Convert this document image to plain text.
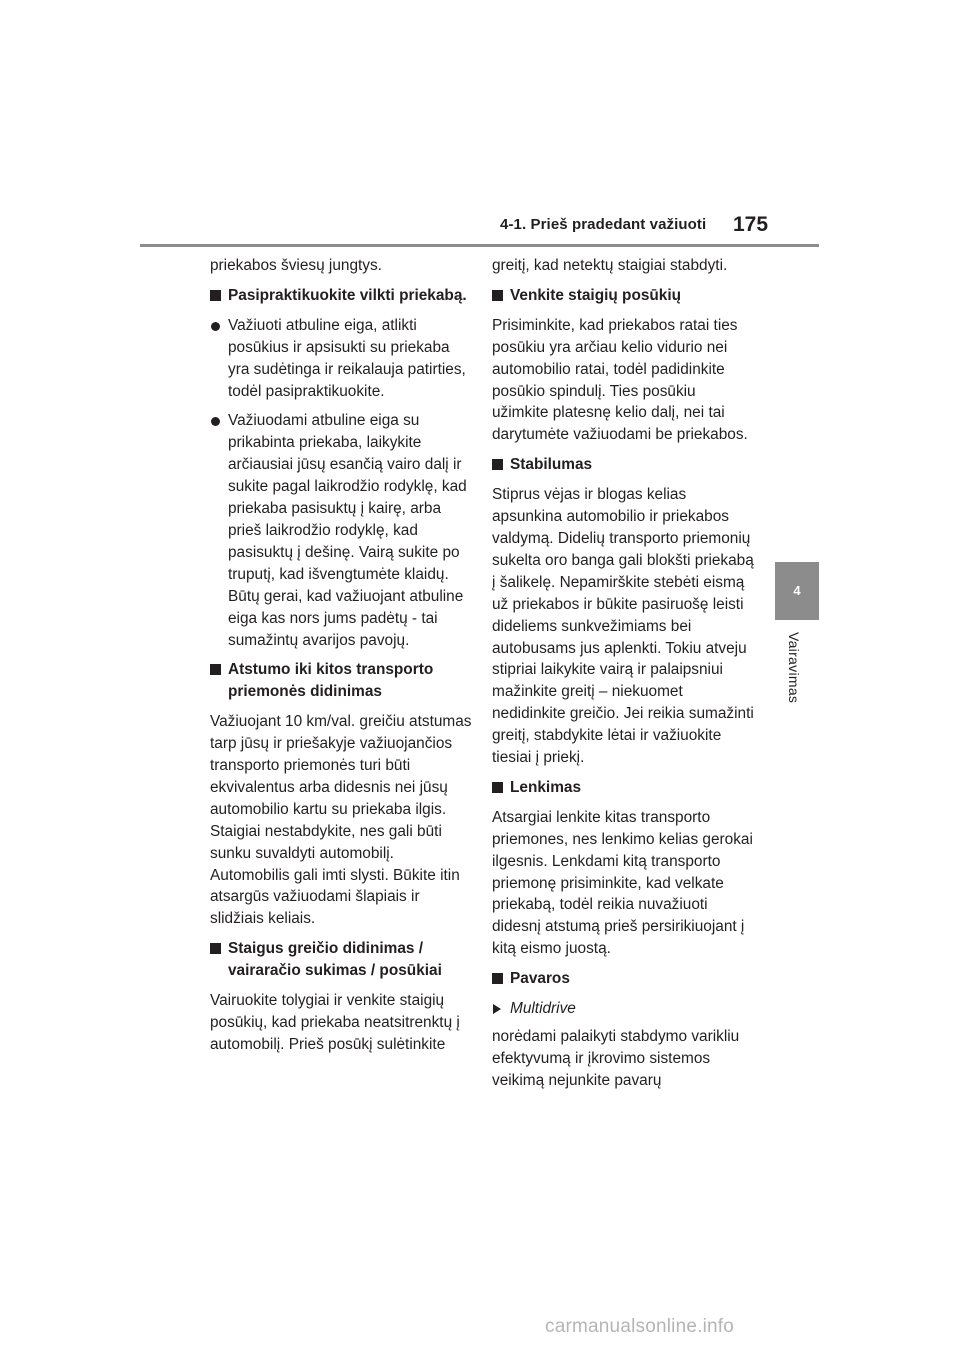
4-1. Prieš pradedant važiuoti 175
4
Vairavimas

priekabos šviesų jungtys.

Pasipraktikuokite vilkti priekabą.
Važiuoti atbuline eiga, atlikti posūkius ir apsisukti su priekaba yra sudėtinga ir reikalauja patirties, todėl pasipraktikuokite.
Važiuodami atbuline eiga su prikabinta priekaba, laikykite arčiausiai jūsų esančią vairo dalį ir sukite pagal laikrodžio rodyklę, kad priekaba pasisuktų į kairę, arba prieš laikrodžio rodyklę, kad pasisuktų į dešinę. Vairą sukite po truputį, kad išvengtumėte klaidų. Būtų gerai, kad važiuojant atbuline eiga kas nors jums padėtų - tai sumažintų avarijos pavojų.
Atstumo iki kitos transporto priemonės didinimas

Važiuojant 10 km/val. greičiu atstumas tarp jūsų ir priešakyje važiuojančios transporto priemonės turi būti ekvivalentus arba didesnis nei jūsų automobilio kartu su priekaba ilgis. Staigiai nestabdykite, nes gali būti sunku suvaldyti automobilį. Automobilis gali imti slysti. Būkite itin atsargūs važiuodami šlapiais ir slidžiais keliais.

Staigus greičio didinimas / vairaračio sukimas / posūkiai

Vairuokite tolygiai ir venkite staigių posūkių, kad priekaba neatsitrenktų į automobilį. Prieš posūkį sulėtinkite

greitį, kad netektų staigiai stabdyti.

Venkite staigių posūkių

Prisiminkite, kad priekabos ratai ties posūkiu yra arčiau kelio vidurio nei automobilio ratai, todėl padidinkite posūkio spindulį. Ties posūkiu užimkite platesnę kelio dalį, nei tai darytumėte važiuodami be priekabos.

Stabilumas

Stiprus vėjas ir blogas kelias apsunkina automobilio ir priekabos valdymą. Didelių transporto priemonių sukelta oro banga gali blokšti priekabą į šalikelę. Nepamirškite stebėti eismą už priekabos ir būkite pasiruošę leisti dideliems sunkvežimiams bei autobusams jus aplenkti. Tokiu atveju stipriai laikykite vairą ir palaipsniui mažinkite greitį – niekuomet nedidinkite greičio. Jei reikia sumažinti greitį, stabdykite lėtai ir važiuokite tiesiai į priekį.

Lenkimas

Atsargiai lenkite kitas transporto priemones, nes lenkimo kelias gerokai ilgesnis. Lenkdami kitą transporto priemonę prisiminkite, kad velkate priekabą, todėl reikia nuvažiuoti didesnį atstumą prieš persirikiuojant į kitą eismo juostą.

Pavaros
Multidrive

norėdami palaikyti stabdymo varikliu efektyvumą ir įkrovimo sistemos veikimą nejunkite pavarų

carmanualsonline.info
